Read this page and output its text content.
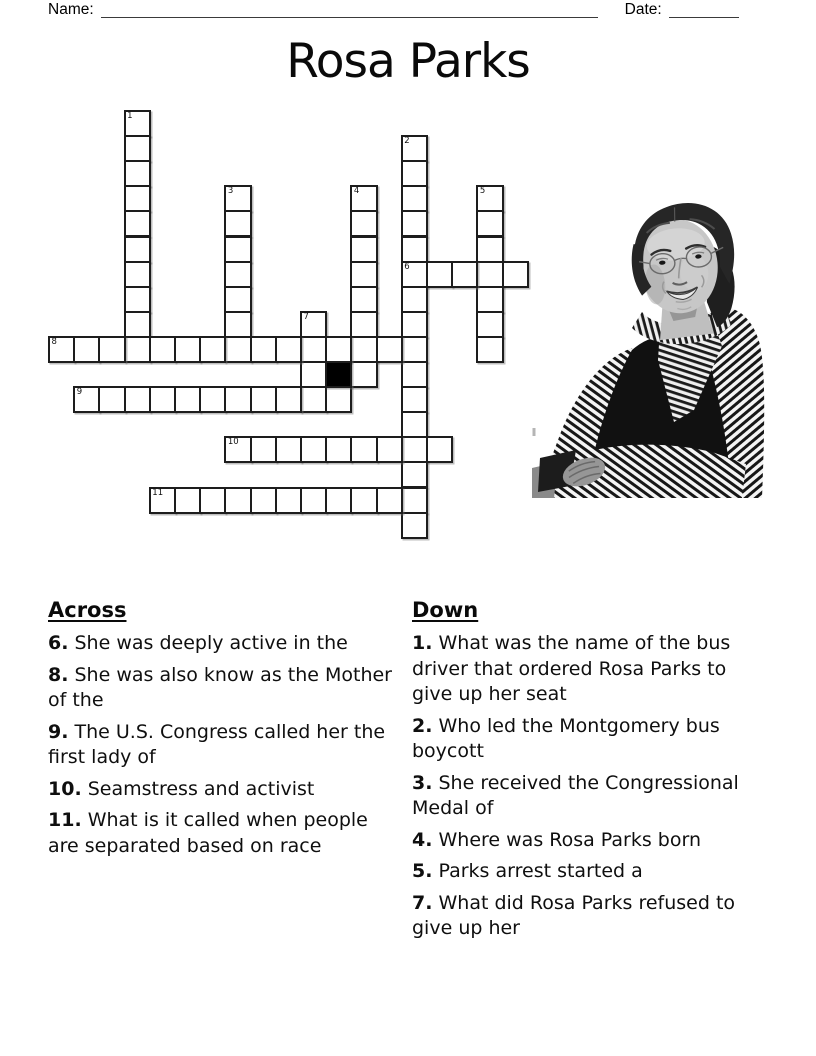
Name:	Date:
Rosa Parks
1
2
6
3	4	5
7
8
9
10
11
Across

6. She was deeply active in the

8. She was also know as the Mother of the

9. The U.S. Congress called her the first lady of

10. Seamstress and activist

11. What is it called when people are separated based on race

Down

1. What was the name of the bus driver that ordered Rosa Parks to give up her seat

2. Who led the Montgomery bus boycott

3. She received the Congressional Medal of

4. Where was Rosa Parks born

5. Parks arrest started a

7. What did Rosa Parks refused to give up her
